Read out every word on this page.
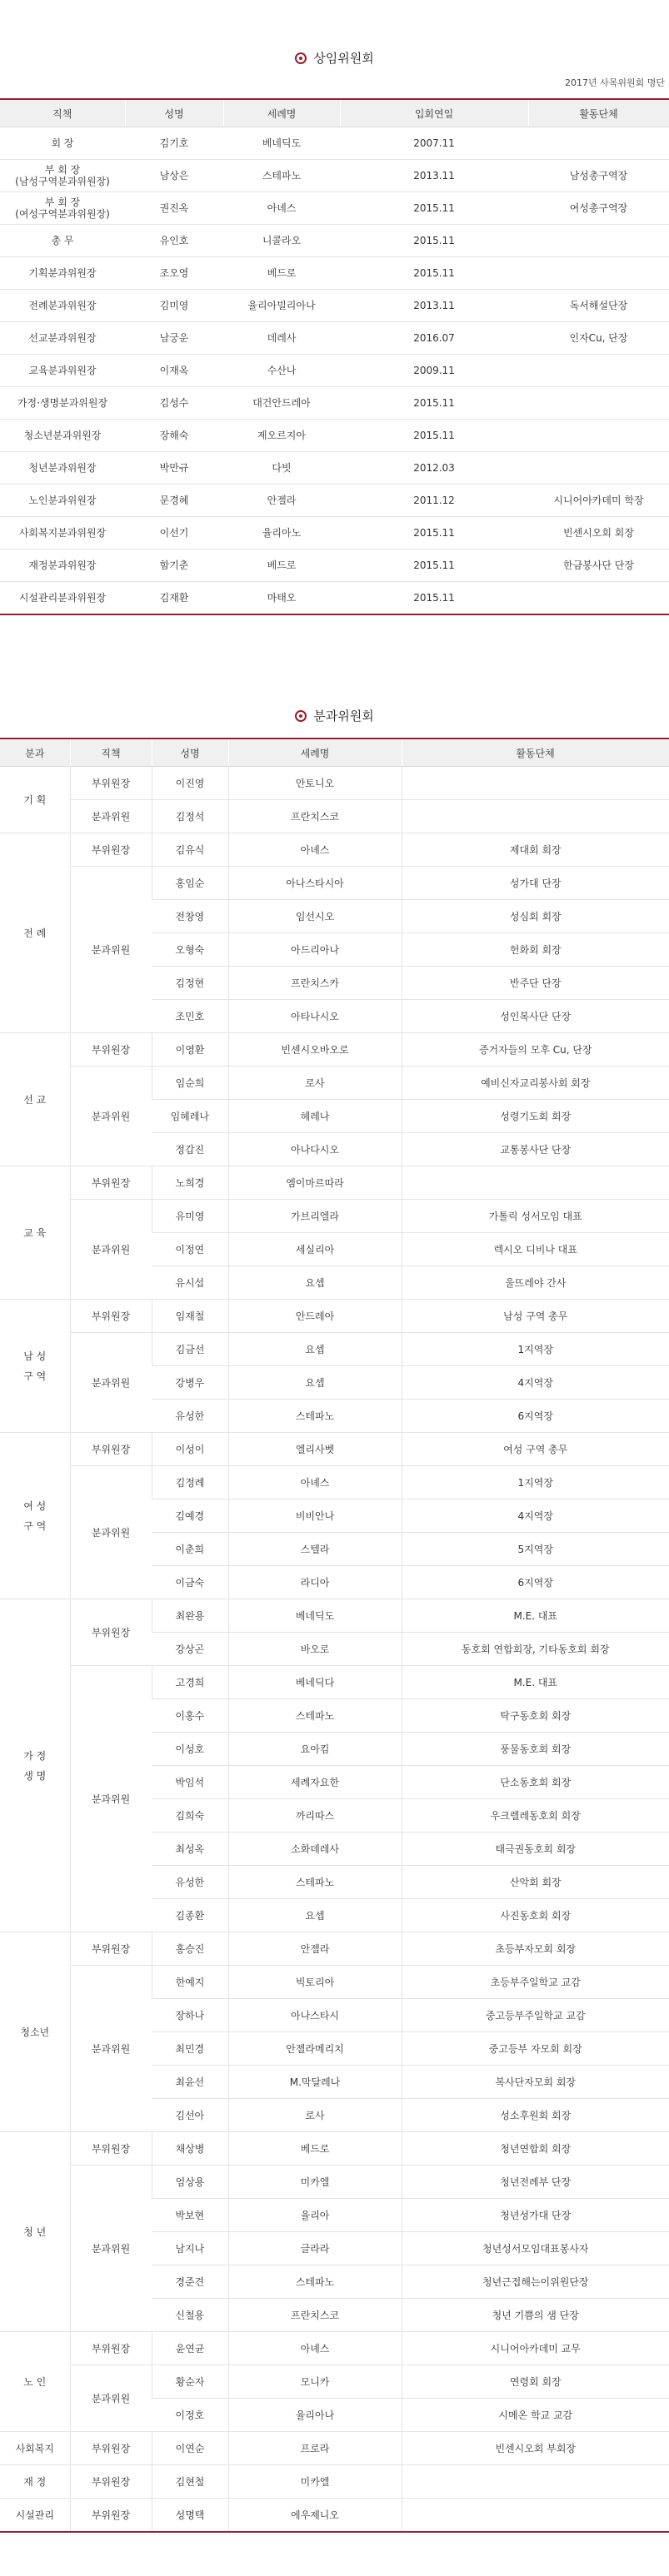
상임위원회
2017년 사목위원회 명단
직책	성명	세례명	입회연일	활동단체
회 장	김기호	베네딕도	2007.11	
부 회 장
(남성구역분과위원장)	남상은	스테파노	2013.11	남성총구역장
부 회 장
(여성구역분과위원장)	권진옥	아녜스	2015.11	여성총구역장
총 무	유인호	니콜라오	2015.11	
기획분과위원장	조오영	베드로	2015.11	
전례분과위원장	김미영	율리아빌리아나	2013.11	독서해설단장
선교분과위원장	남궁운	데레사	2016.07	인자Cu, 단장
교육분과위원장	이재옥	수산나	2009.11	
가정·생명분과위원장	김성수	대건안드레아	2015.11	
청소년분과위원장	장해숙	제오르지아	2015.11	
청년분과위원장	박만규	다빗	2012.03	
노인분과위원장	문경혜	안젤라	2011.12	시니어아카데미 학장
사회복지분과위원장	이선기	율리아노	2015.11	빈센시오회 회장
재정분과위원장	함기춘	베드로	2015.11	한금봉사단 단장
시설관리분과위원장	김재환	마태오	2015.11	
분과위원회
분과	직책	성명	세례명	활동단체
기 획	부위원장	이진영	안토니오	
	분과위원	김정석	프란치스코	
전 례	부위원장	김유식	아녜스	제대회 회장
	분과위원	홍임순	아나스타시아	성가대 단장
		전창영	임선시오	성심회 회장
		오형숙	아드리아나	헌화회 회장
		김정현	프란치스카	반주단 단장
		조민호	아타나시오	성인복사단 단장
선 교	부위원장	이영환	빈센시오바오로	증거자들의 모후 Cu, 단장
	분과위원	임순희	로사	예비신자교리봉사회 회장
		임헤레나	헤레나	성령기도회 회장
		정갑진	아나다시오	교통봉사단 단장
교 육	부위원장	노희경	엠이마르따라	
	분과위원	유미영	가브리엘라	가톨릭 성서모임 대표
		이정연	세실리아	렉시오 디비나 대표
		유시섭	요셉	울뜨레야 간사
남 성
구 역	부위원장	임재철	안드레아	남성 구역 총무
	분과위원	김금선	요셉	1지역장
		강병우	요셉	4지역장
		유성한	스테파노	6지역장
여 성
구 역	부위원장	이성이	엘리사벳	여성 구역 총무
	분과위원	김정례	아녜스	1지역장
		김예경	비비안나	4지역장
		이춘희	스텔라	5지역장
		이금숙	라디아	6지역장
가 정
생 명	부위원장	최완용	베네딕도	M.E. 대표
		강상곤	바오로	동호회 연합회장, 기타동호회 회장
	분과위원	고경희	베네딕다	M.E. 대표
		이홍수	스테파노	탁구동호회 회장
		이성호	요아킴	풍물동호회 회장
		박임석	세례자요한	단소동호회 회장
		김희숙	까리따스	우크렐레동호회 회장
		최성옥	소화데레사	태극권동호회 회장
		유성한	스테파노	산악회 회장
		김종환	요셉	사진동호회 회장
청소년	부위원장	홍승진	안젤라	초등부자모회 회장
	분과위원	한예지	빅토리아	초등부주일학교 교감
		장하나	아나스타시	중고등부주일학교 교감
		최민경	안젤라메리치	중고등부 자모회 회장
		최윤선	M.막달레나	복사단자모회 회장
		김선아	로사	성소후원회 회장
청 년	부위원장	채상병	베드로	청년연합회 회장
	분과위원	엄상용	미카엘	청년전례부 단장
		박보현	율리아	청년성가대 단장
		남지나	글라라	청년성서모임대표봉사자
		경준견	스테파노	청년근접해는이위원단장
		신철용	프란치스코	청년 기쁨의 샘 단장
노 인	부위원장	윤연균	아녜스	시니어아카데미 교무
	분과위원	황순자	모니카	연령회 회장
		이정호	율리아나	시메온 학교 교감
사회복지	부위원장	이연순	프로라	빈센시오회 부회장
재 정	부위원장	김현철	미카엘	
시설관리	부위원장	성명택	에우제니오	
